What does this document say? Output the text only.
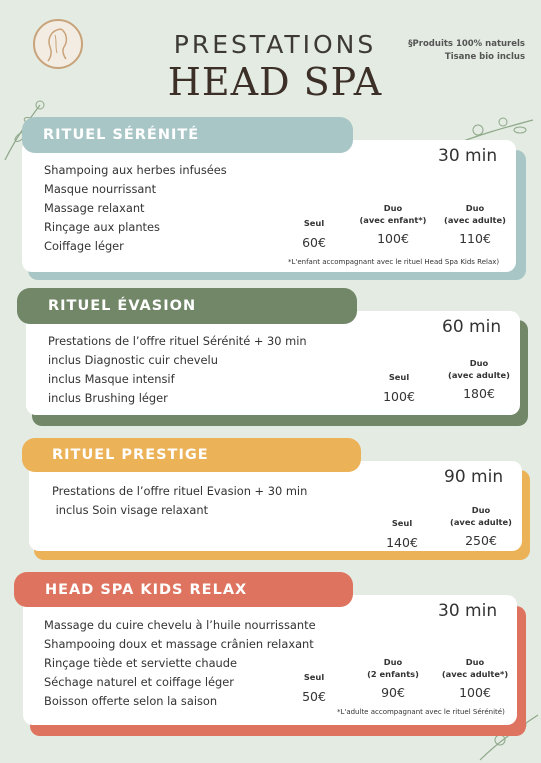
PRESTATIONS
HEAD SPA
§Produits 100% naturels
Tisane bio inclus
RITUEL SÉRÉNITÉ
30 min
Shampoing aux herbes infusées
Masque nourrissant
Massage relaxant
Rinçage aux plantes
Coiffage léger
Seul
60€
Duo
(avec enfant*)
100€
Duo
(avec adulte)
110€
*L'enfant accompagnant avec le rituel Head Spa Kids Relax)
RITUEL ÉVASION
60 min
Prestations de l’offre rituel Sérénité + 30 min
inclus Diagnostic cuir chevelu
inclus Masque intensif
inclus Brushing léger
Seul
100€
Duo
(avec adulte)
180€
RITUEL PRESTIGE
90 min
Prestations de l’offre rituel Evasion + 30 min
inclus Soin visage relaxant
Seul
140€
Duo
(avec adulte)
250€
HEAD SPA KIDS RELAX
30 min
Massage du cuire chevelu à l’huile nourrissante
Shampooing doux et massage crânien relaxant
Rinçage tiède et serviette chaude
Séchage naturel et coiffage léger
Boisson offerte selon la saison
Seul
50€
Duo
(2 enfants)
90€
Duo
(avec adulte*)
100€
*L'adulte accompagnant avec le rituel Sérénité)
